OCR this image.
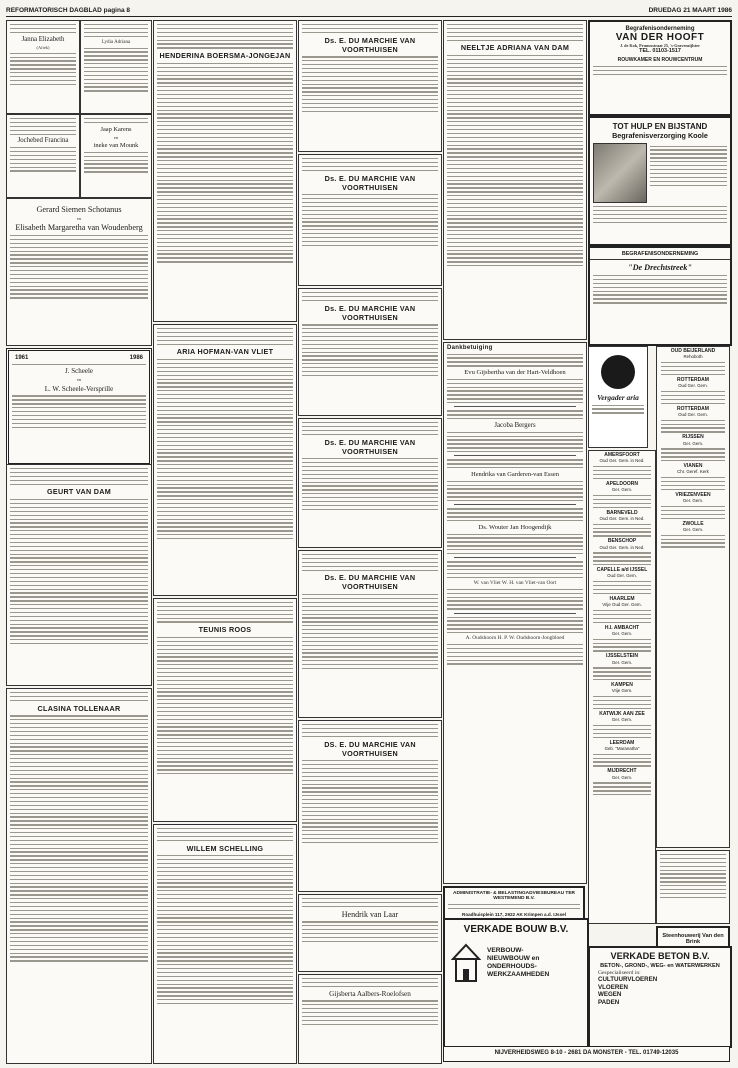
REFORMATORISCH DAGBLAD pagina 8	DRUEDAG 21 MAART 1986
Janna Elizabeth
(Afiek)
Lydia Adriana
Jochebed Francina
Jaap Karens
en
ineke van Mounk
Gerard Siemen Schotanus
en
Elisabeth Margaretha van Woudenberg
1961	1986
J. Scheele
en
L. W. Scheele-Versprille
GEURT VAN DAM
CLASINA TOLLENAAR
HENDERINA BOERSMA-JONGEJAN
ARIA HOFMAN-VAN VLIET
TEUNIS ROOS
WILLEM SCHELLING
Ds. E. DU MARCHIE VAN VOORTHUISEN
Ds. E. DU MARCHIE VAN VOORTHUISEN
Ds. E. DU MARCHIE VAN VOORTHUISEN
Ds. E. DU MARCHIE VAN VOORTHUISEN
Ds. E. DU MARCHIE VAN VOORTHUISEN
DS. E. DU MARCHIE VAN VOORTHUISEN
Hendrik van Laar
Gijsberta Aalbers-Roelofsen
NEELTJE ADRIANA VAN DAM
Dankbetuiging
Evu Gijsbertha van der Hart-Veldhoen
Jacoba Bergers
Hendrika van Garderen-van Essen
Ds. Wouter Jan Hoogendijk
W. van Vliet W. H. van Vliet-van Oort
A. Oudshoorn H. P. W. Oudshoorn-Jongbloed
ADMINISTRATIE- & BELASTINGADVIESBUREAU TER WESTEMEND B.V.
Roadhuisplein 117, 2922 AK Krimpen a.d. IJssel
Begrafenisonderneming
VAN DER HOOFT
J. de Kok, Prunusstraat 25, 's-Gravenzijlster
TEL. 01103-1517
ROUWKAMER EN ROUWCENTRUM
TOT HULP EN BIJSTAND
Begrafenisverzorging Koole
BEGRAFENISONDERNEMING
"De Drechtstreek"
Vergader aria
AMERSFOORT
Oud Ger. Gem. in Ned.
APELDOORN
Ger. Gem.
BARNEVELD
Oud Ger. Gem. in Ned.
BENSCHOP
Oud Ger. Gem. in Ned.
CAPELLE a/d IJSSEL
Oud Ger. Gem.
HAARLEM
Vrije Oud Ger. Gem.
H.I. AMBACHT
Ger. Gem.
IJSSELSTEIN
Ger. Gem.
KAMPEN
Vrije Gem.
KATWIJK AAN ZEE
Ger. Gem.
LEERDAM
Geb. "Maranatha"
MIJDRECHT
Ger. Gem.
OUD BEIJERLAND
Rehoboth
ROTTERDAM
Oud Ger. Gem.
ROTTERDAM
Oud Ger. Gem.
RIJSSEN
Ger. Gem.
VIANEN
Chr. Geref. Kerk
VRIEZENVEEN
Ger. Gem.
ZWOLLE
Ger. Gem.
Steenhouwerij Van den Brink
VERKADE BOUW B.V.
VERBOUW-
NIEUWBOUW en
ONDERHOUDS-
WERKZAAMHEDEN
VERKADE BETON B.V.
BETON-, GROND-, WEG- en WATERWERKEN
Gespecialiseerd in:
CULTUURVLOEREN
VLOEREN
WEGEN
PADEN
NIJVERHEIDSWEG 8-10 - 2681 DA MONSTER - TEL. 01749-12035
